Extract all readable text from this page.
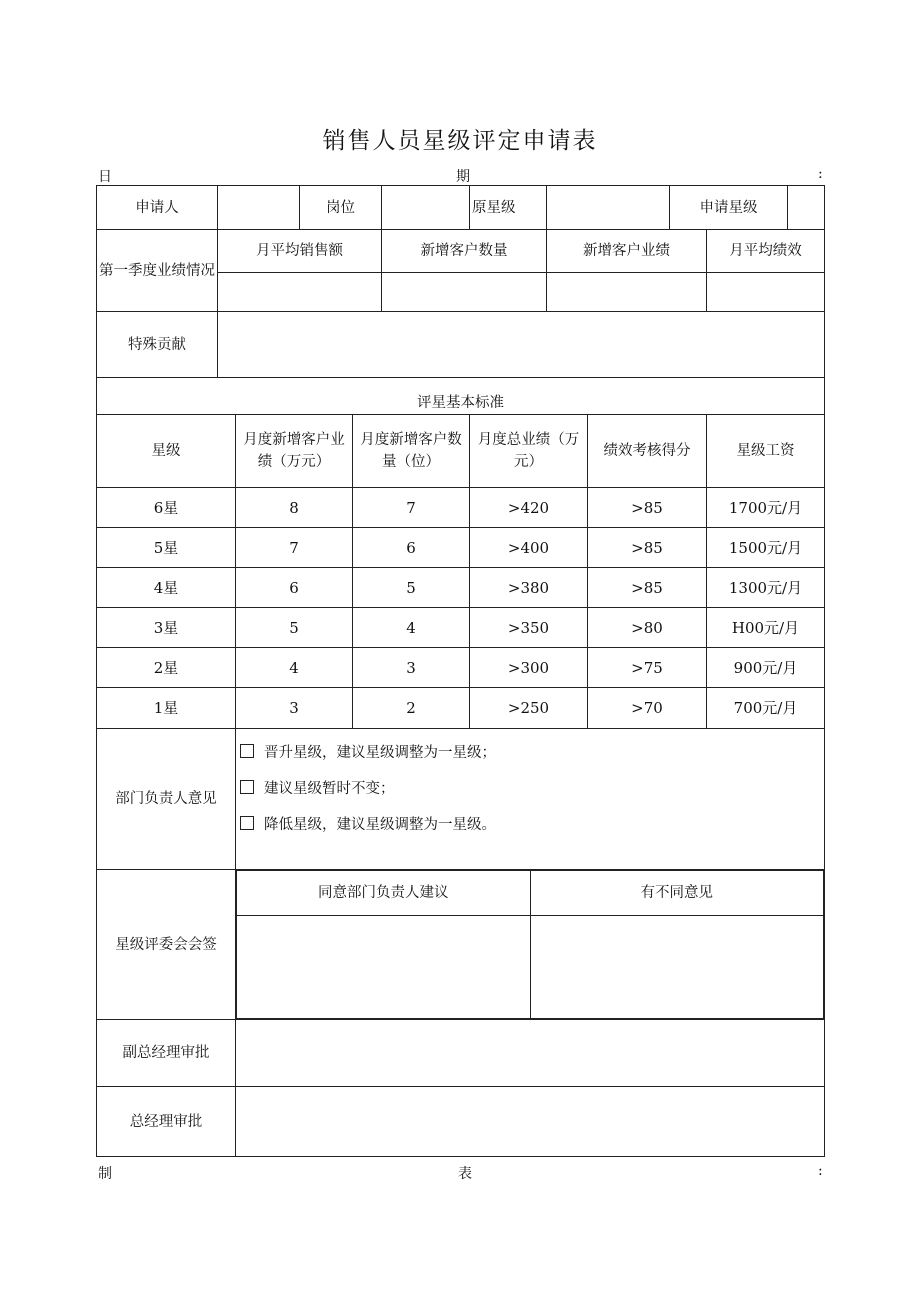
销售人员星级评定申请表
日	期	:
申请人		岗位		原星级		申请星级	
第一季度业绩情况	月平均销售额	新增客户数量	新增客户业绩	月平均绩效

特殊贡献	
评星基本标准
星级	月度新增客户业绩（万元）	月度新增客户数量（位）	月度总业绩（万元）	绩效考核得分	星级工资
6星	8	7	>420	>85	1700元/月
5星	7	6	>400	>85	1500元/月
4星	6	5	>380	>85	1300元/月
3星	5	4	>350	>80	H00元/月
2星	4	3	>300	>75	900元/月
1星	3	2	>250	>70	700元/月
部门负责人意见	
晋升星级，建议星级调整为一星级；
建议星级暂时不变；
降低星级，建议星级调整为一星级。

星级评委会会签	
同意部门负责人建议	有不同意见

副总经理审批	
总经理审批	
制	表	:
